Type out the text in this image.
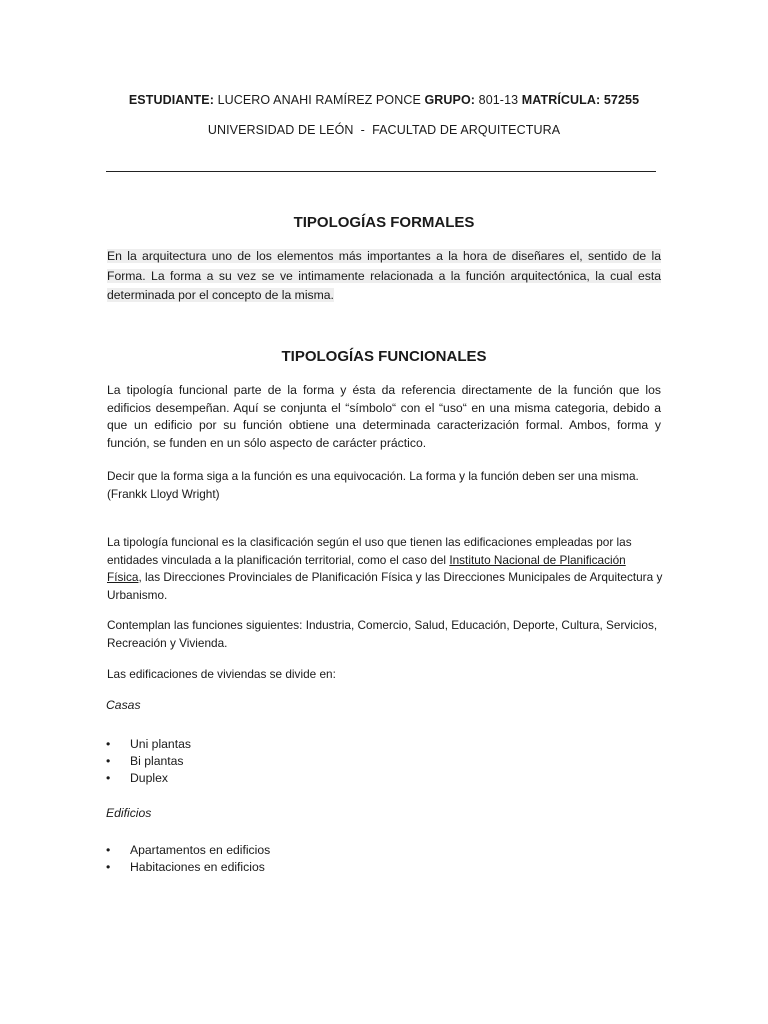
ESTUDIANTE: LUCERO ANAHI RAMÍREZ PONCE GRUPO: 801-13 MATRÍCULA: 57255

UNIVERSIDAD DE LEÓN  -  FACULTAD DE ARQUITECTURA

TIPOLOGÍAS FORMALES

En la arquitectura uno de los elementos más importantes a la hora de diseñares el, sentido de la Forma. La forma a su vez se ve intimamente relacionada a la función arquitectónica, la cual esta determinada por el concepto de la misma.

TIPOLOGÍAS FUNCIONALES

La tipología funcional parte de la forma y ésta da referencia directamente de la función que los edificios desempeñan. Aquí se conjunta el “símbolo“ con el “uso“ en una misma categoria, debido a que un edificio por su función obtiene una determinada caracterización formal. Ambos, forma y función, se funden en un sólo aspecto de carácter práctico.

Decir que la forma siga a la función es una equivocación. La forma y la función deben ser una misma.
(Frankk Lloyd Wright)

La tipología funcional es la clasificación según el uso que tienen las edificaciones empleadas por las entidades vinculada a la planificación territorial, como el caso del Instituto Nacional de Planificación Física, las Direcciones Provinciales de Planificación Física y las Direcciones Municipales de Arquitectura y Urbanismo.

Contemplan las funciones siguientes: Industria, Comercio, Salud, Educación, Deporte, Cultura, Servicios, Recreación y Vivienda.

Las edificaciones de viviendas se divide en:

Casas

•	Uni plantas
•	Bi plantas
•	Duplex

Edificios

•	Apartamentos en edificios
•	Habitaciones en edificios
